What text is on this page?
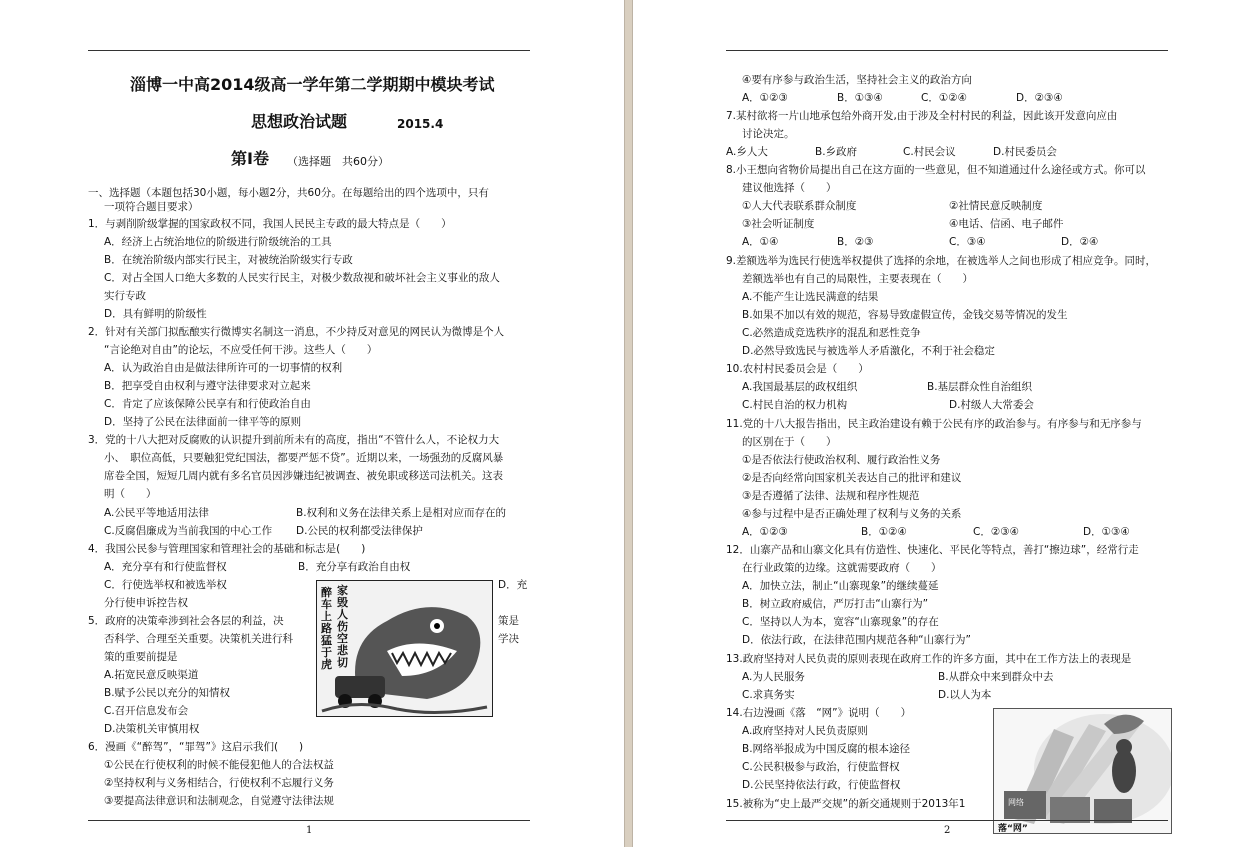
淄博一中高2014级高一学年第二学期期中模块考试
思想政治试题	2015.4
第Ⅰ卷 （选择题　共60分）
一、选择题（本题包括30小题，每小题2分，共60分。在每题给出的四个选项中，只有
一项符合题目要求）
1．与剥削阶级掌握的国家政权不同，我国人民民主专政的最大特点是（　　）
A．经济上占统治地位的阶级进行阶级统治的工具
B．在统治阶级内部实行民主，对被统治阶级实行专政
C．对占全国人口绝大多数的人民实行民主，对极少数敌视和破坏社会主义事业的敌人
实行专政
D．具有鲜明的阶级性
2．针对有关部门拟酝酿实行微博实名制这一消息，不少持反对意见的网民认为微博是个人
“言论绝对自由”的论坛，不应受任何干涉。这些人（　　）
A．认为政治自由是做法律所许可的一切事情的权利
B．把享受自由权利与遵守法律要求对立起来
C．肯定了应该保障公民享有和行使政治自由
D．坚持了公民在法律面前一律平等的原则
3．党的十八大把对反腐败的认识提升到前所未有的高度，指出“不管什么人，不论权力大
小、　职位高低，只要触犯党纪国法，都要严惩不贷”。近期以来，一场强劲的反腐风暴
席卷全国，短短几周内就有多名官员因涉嫌违纪被调查、被免职或移送司法机关。这表
明（　　）
A.公民平等地适用法律	B.权利和义务在法律关系上是相对应而存在的
C.反腐倡廉成为当前我国的中心工作 D.公民的权利都受法律保护
4．我国公民参与管理国家和管理社会的基础和标志是(　　)
A．充分享有和行使监督权	B．充分享有政治自由权
C．行使选举权和被选举权	D．充
分行使申诉控告权
5．政府的决策牵涉到社会各层的利益，决	策是
否科学、合理至关重要。决策机关进行科	学决
策的重要前提是
A.拓宽民意反映渠道
B.赋予公民以充分的知情权
C.召开信息发布会
D.决策机关审慎用权
6．漫画《“醉驾”，“罪驾”》这启示我们(　　)
①公民在行使权利的时候不能侵犯他人的合法权益
②坚持权利与义务相结合，行使权利不忘履行义务
③要提高法律意识和法制观念，自觉遵守法律法规
醉车上路猛于虎
家毁人伤空悲切
1
④要有序参与政治生活，坚持社会主义的政治方向
A．①②③	B．①③④	C．①②④	D．②③④
7.某村欲将一片山地承包给外商开发,由于涉及全村村民的利益，因此该开发意向应由
讨论决定。
A.乡人大	B.乡政府	C.村民会议	D.村民委员会
8.小王想向省物价局提出自己在这方面的一些意见，但不知道通过什么途径或方式。你可以
建议他选择（　　）
①人大代表联系群众制度	②社情民意反映制度
③社会听证制度	④电话、信函、电子邮件
A．①④	B．②③	C．③④	D．②④
9.差额选举为选民行使选举权提供了选择的余地，在被选举人之间也形成了相应竞争。同时，
差额选举也有自己的局限性，主要表现在（　　）
A.不能产生让选民满意的结果
B.如果不加以有效的规范，容易导致虚假宣传，金钱交易等情况的发生
C.必然造成竞选秩序的混乱和恶性竞争
D.必然导致选民与被选举人矛盾激化，不利于社会稳定
10.农村村民委员会是（　　）
A.我国最基层的政权组织	B.基层群众性自治组织
C.村民自治的权力机构	D.村级人大常委会
11.党的十八大报告指出，民主政治建设有赖于公民有序的政治参与。有序参与和无序参与
的区别在于（　　）
①是否依法行使政治权利、履行政治性义务
②是否向经常向国家机关表达自己的批评和建议
③是否遵循了法律、法规和程序性规范
④参与过程中是否正确处理了权利与义务的关系
A．①②③	B．①②④	C．②③④	D．①③④
12．山寨产品和山寨文化具有仿造性、快速化、平民化等特点，善打“擦边球”，经常行走
在行业政策的边缘。这就需要政府（　　）
A．加快立法，制止“山寨现象”的继续蔓延
B．树立政府威信，严厉打击“山寨行为”
C．坚持以人为本，宽容“山寨现象”的存在
D．依法行政，在法律范围内规范各种“山寨行为”
13.政府坚持对人民负责的原则表现在政府工作的许多方面，其中在工作方法上的表现是
A.为人民服务	B.从群众中来到群众中去
C.求真务实	D.以人为本
14.右边漫画《落　“网”》说明（　　）
A.政府坚持对人民负责原则
B.网络举报成为中国反腐的根本途径
C.公民积极参与政治，行使监督权
D.公民坚持依法行政，行使监督权
15.被称为“史上最严交规”的新交通规则于2013年1	网络
落“网”
2
